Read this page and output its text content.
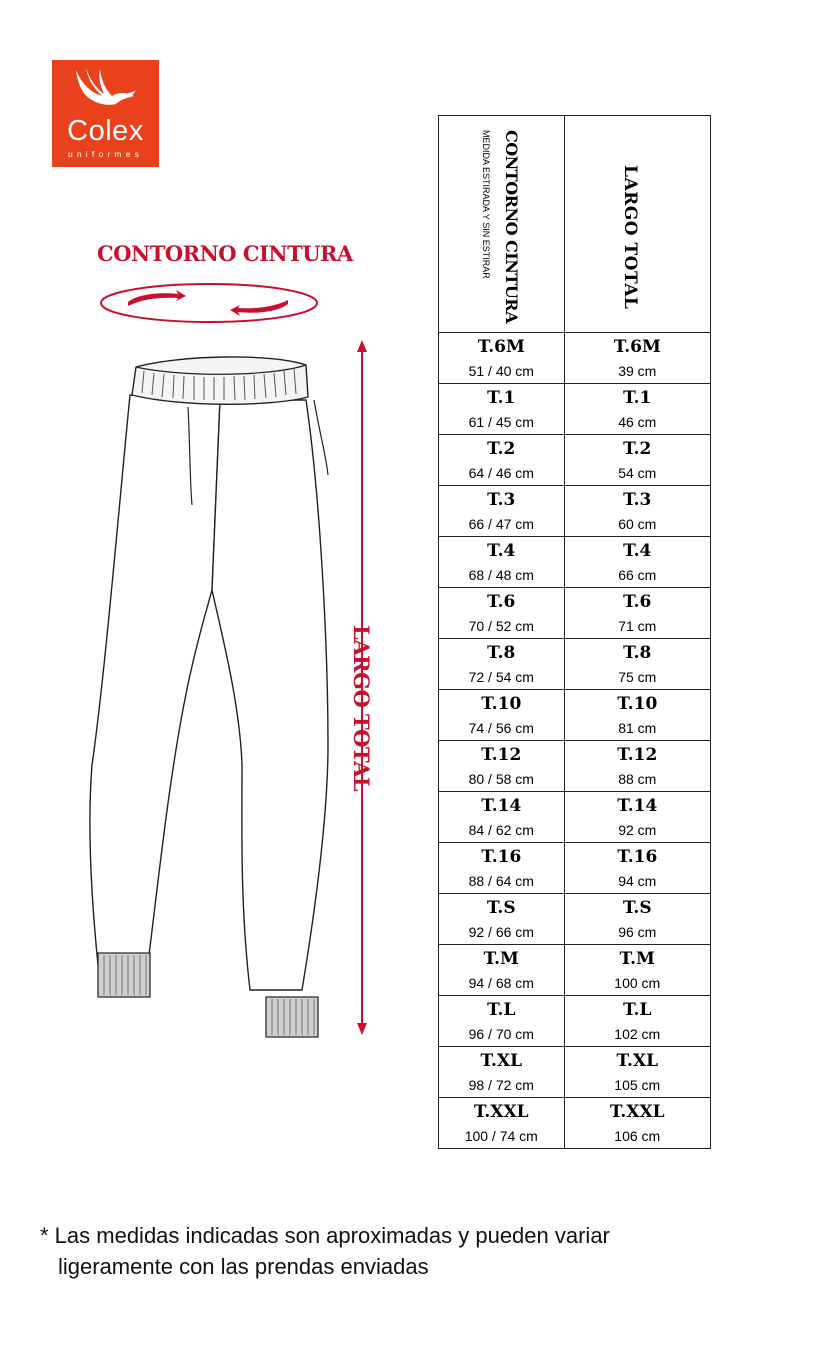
Colex
uniformes
CONTORNO CINTURA
LARGO TOTAL
T.6M
51 / 40 cm
T.6M
39 cm
T.1
61 / 45 cm
T.1
46 cm
T.2
64 / 46 cm
T.2
54 cm
T.3
66 / 47 cm
T.3
60 cm
T.4
68 / 48 cm
T.4
66 cm
T.6
70 / 52 cm
T.6
71 cm
T.8
72 / 54 cm
T.8
75 cm
T.10
74 / 56 cm
T.10
81 cm
T.12
80 / 58 cm
T.12
88 cm
T.14
84 / 62 cm
T.14
92 cm
T.16
88 / 64 cm
T.16
94 cm
T.S
92 / 66 cm
T.S
96 cm
T.M
94 / 68 cm
T.M
100 cm
T.L
96 / 70 cm
T.L
102 cm
T.XL
98 / 72 cm
T.XL
105 cm
T.XXL
100 / 74 cm
T.XXL
106 cm
CONTORNO CINTURA
MEDIDA ESTIRADA Y SIN ESTIRAR	LARGO TOTAL
* Las medidas indicadas son aproximadas y pueden variar
ligeramente con las prendas enviadas
